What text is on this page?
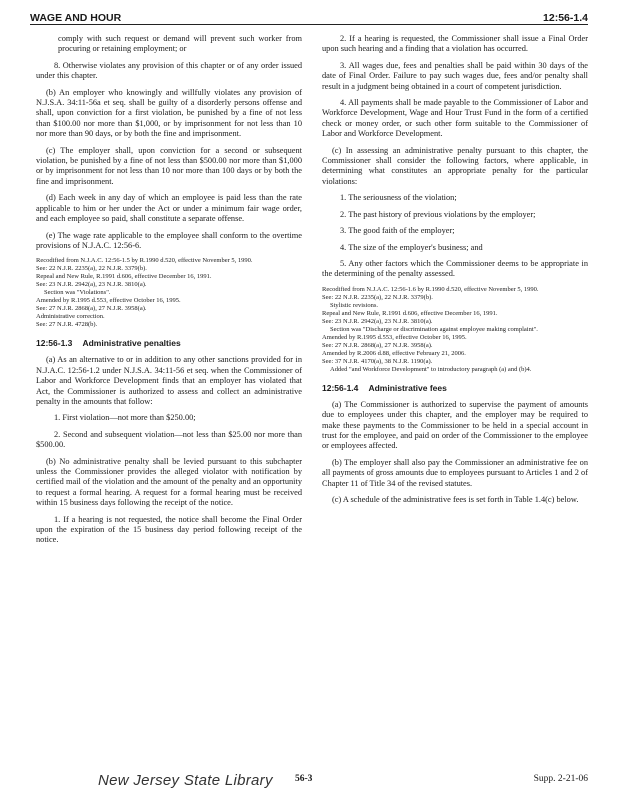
WAGE AND HOUR	12:56-1.4

comply with such request or demand will prevent such worker from procuring or retaining employment; or

8. Otherwise violates any provision of this chapter or of any order issued under this chapter.

(b) An employer who knowingly and willfully violates any provision of N.J.S.A. 34:11-56a et seq. shall be guilty of a disorderly persons offense and shall, upon conviction for a first violation, be punished by a fine of not less than $100.00 nor more than $1,000, or by imprisonment for not less than 10 nor more than 90 days, or by both the fine and imprisonment.

(c) The employer shall, upon conviction for a second or subsequent violation, be punished by a fine of not less than $500.00 nor more than $1,000 or by imprisonment for not less than 10 nor more than 100 days or by both the fine and imprisonment.

(d) Each week in any day of which an employee is paid less than the rate applicable to him or her under the Act or under a minimum fair wage order, and each employee so paid, shall constitute a separate offense.

(e) The wage rate applicable to the employee shall conform to the overtime provisions of N.J.A.C. 12:56-6.

Recodified from N.J.A.C. 12:56-1.5 by R.1990 d.520, effective November 5, 1990.
See: 22 N.J.R. 2235(a), 22 N.J.R. 3379(b).
Repeal and New Rule, R.1991 d.606, effective December 16, 1991.
See: 23 N.J.R. 2942(a), 23 N.J.R. 3810(a).
Section was "Violations".
Amended by R.1995 d.553, effective October 16, 1995.
See: 27 N.J.R. 2868(a), 27 N.J.R. 3958(a).
Administrative correction.
See: 27 N.J.R. 4728(b).
12:56-1.3 Administrative penalties

(a) As an alternative to or in addition to any other sanctions provided for in N.J.A.C. 12:56-1.2 under N.J.S.A. 34:11-56 et seq. when the Commissioner of Labor and Workforce Development finds that an employer has violated that Act, the Commissioner is authorized to assess and collect an administrative penalty in the amounts that follow:

1. First violation—not more than $250.00;

2. Second and subsequent violation—not less than $25.00 nor more than $500.00.

(b) No administrative penalty shall be levied pursuant to this subchapter unless the Commissioner provides the alleged violator with notification by certified mail of the violation and the amount of the penalty and an opportunity to request a formal hearing. A request for a formal hearing must be received within 15 business days following the receipt of the notice.

1. If a hearing is not requested, the notice shall become the Final Order upon the expiration of the 15 business day period following receipt of the notice.

2. If a hearing is requested, the Commissioner shall issue a Final Order upon such hearing and a finding that a violation has occurred.

3. All wages due, fees and penalties shall be paid within 30 days of the date of Final Order. Failure to pay such wages due, fees and/or penalty shall result in a judgment being obtained in a court of competent jurisdiction.

4. All payments shall be made payable to the Commissioner of Labor and Workforce Development, Wage and Hour Trust Fund in the form of a certified check or money order, or such other form suitable to the Commissioner of Labor and Workforce Development.

(c) In assessing an administrative penalty pursuant to this chapter, the Commissioner shall consider the following factors, where applicable, in determining what constitutes an appropriate penalty for the particular violations:

1. The seriousness of the violation;

2. The past history of previous violations by the employer;

3. The good faith of the employer;

4. The size of the employer's business; and

5. Any other factors which the Commissioner deems to be appropriate in the determining of the penalty assessed.

Recodified from N.J.A.C. 12:56-1.6 by R.1990 d.520, effective November 5, 1990.
See: 22 N.J.R. 2235(a), 22 N.J.R. 3379(b).
Stylistic revisions.
Repeal and New Rule, R.1991 d.606, effective December 16, 1991.
See: 23 N.J.R. 2942(a), 23 N.J.R. 3810(a).
Section was "Discharge or discrimination against employee making complaint".
Amended by R.1995 d.553, effective October 16, 1995.
See: 27 N.J.R. 2868(a), 27 N.J.R. 3958(a).
Amended by R.2006 d.88, effective February 21, 2006.
See: 37 N.J.R. 4170(a), 38 N.J.R. 1190(a).
Added "and Workforce Development" to introductory paragraph (a) and (b)4.
12:56-1.4 Administrative fees

(a) The Commissioner is authorized to supervise the payment of amounts due to employees under this chapter, and the employer may be required to make these payments to the Commissioner to be held in a special account in trust for the employee, and paid on order of the Commissioner to the employee or employees affected.

(b) The employer shall also pay the Commissioner an administrative fee on all payments of gross amounts due to employees pursuant to Articles 1 and 2 of Chapter 11 of Title 34 of the revised statutes.

(c) A schedule of the administrative fees is set forth in Table 1.4(c) below.

New Jersey State Library 56-3	Supp. 2-21-06
